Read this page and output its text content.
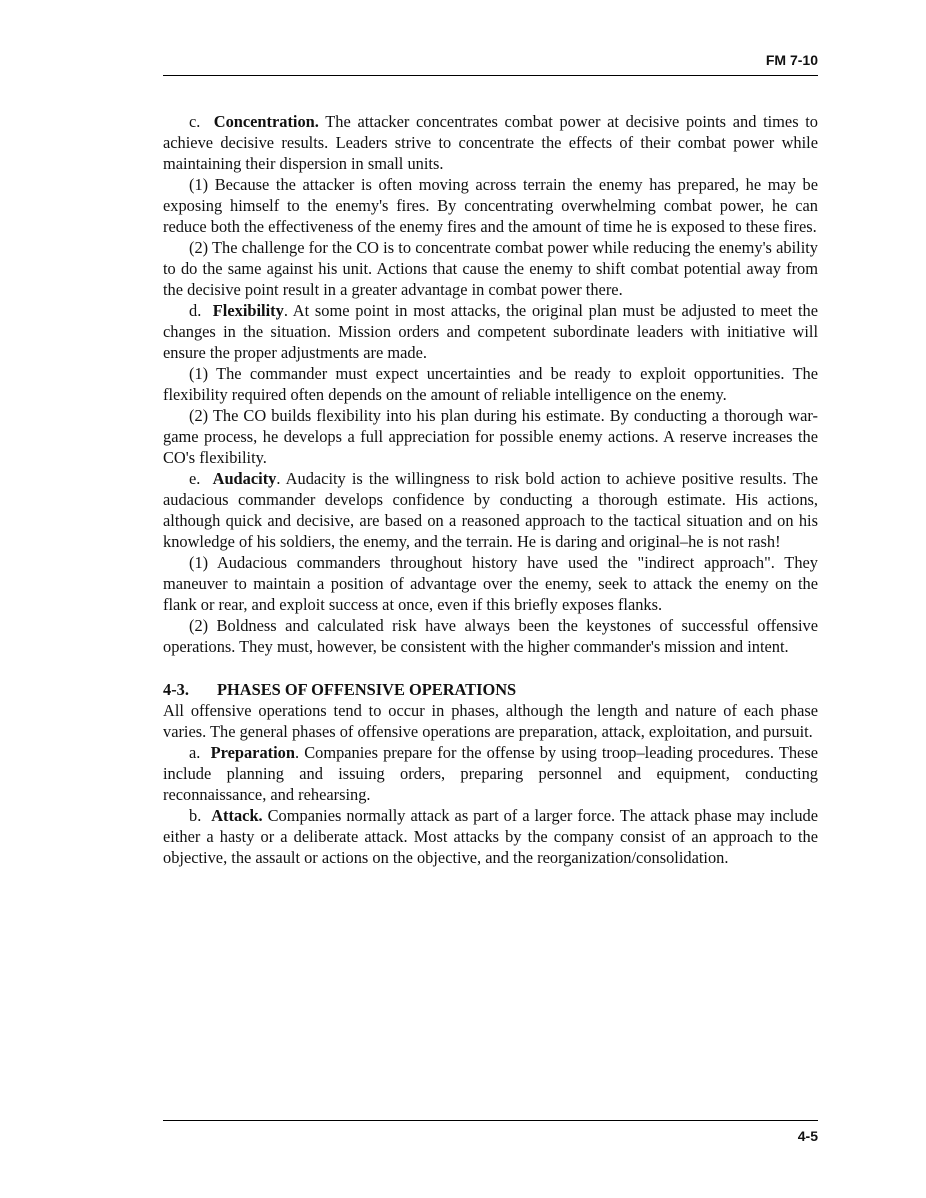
FM 7-10

c. Concentration. The attacker concentrates combat power at decisive points and times to achieve decisive results. Leaders strive to concentrate the effects of their combat power while maintaining their dispersion in small units.

(1) Because the attacker is often moving across terrain the enemy has prepared, he may be exposing himself to the enemy's fires. By concentrating overwhelming combat power, he can reduce both the effectiveness of the enemy fires and the amount of time he is exposed to these fires.

(2) The challenge for the CO is to concentrate combat power while reducing the enemy's ability to do the same against his unit. Actions that cause the enemy to shift combat potential away from the decisive point result in a greater advantage in combat power there.

d. Flexibility. At some point in most attacks, the original plan must be adjusted to meet the changes in the situation. Mission orders and competent subordinate leaders with initiative will ensure the proper adjustments are made.

(1) The commander must expect uncertainties and be ready to exploit opportunities. The flexibility required often depends on the amount of reliable intelligence on the enemy.

(2) The CO builds flexibility into his plan during his estimate. By conducting a thorough war-game process, he develops a full appreciation for possible enemy actions. A reserve increases the CO's flexibility.

e. Audacity. Audacity is the willingness to risk bold action to achieve positive results. The audacious commander develops confidence by conducting a thorough estimate. His actions, although quick and decisive, are based on a reasoned approach to the tactical situation and on his knowledge of his soldiers, the enemy, and the terrain. He is daring and original–he is not rash!

(1) Audacious commanders throughout history have used the "indirect approach". They maneuver to maintain a position of advantage over the enemy, seek to attack the enemy on the flank or rear, and exploit success at once, even if this briefly exposes flanks.

(2) Boldness and calculated risk have always been the keystones of successful offensive operations. They must, however, be consistent with the higher commander's mission and intent.

4-3. PHASES OF OFFENSIVE OPERATIONS

All offensive operations tend to occur in phases, although the length and nature of each phase varies. The general phases of offensive operations are preparation, attack, exploitation, and pursuit.

a. Preparation. Companies prepare for the offense by using troop–leading procedures. These include planning and issuing orders, preparing personnel and equipment, conducting reconnaissance, and rehearsing.

b. Attack. Companies normally attack as part of a larger force. The attack phase may include either a hasty or a deliberate attack. Most attacks by the company consist of an approach to the objective, the assault or actions on the objective, and the reorganization/consolidation.

4-5
